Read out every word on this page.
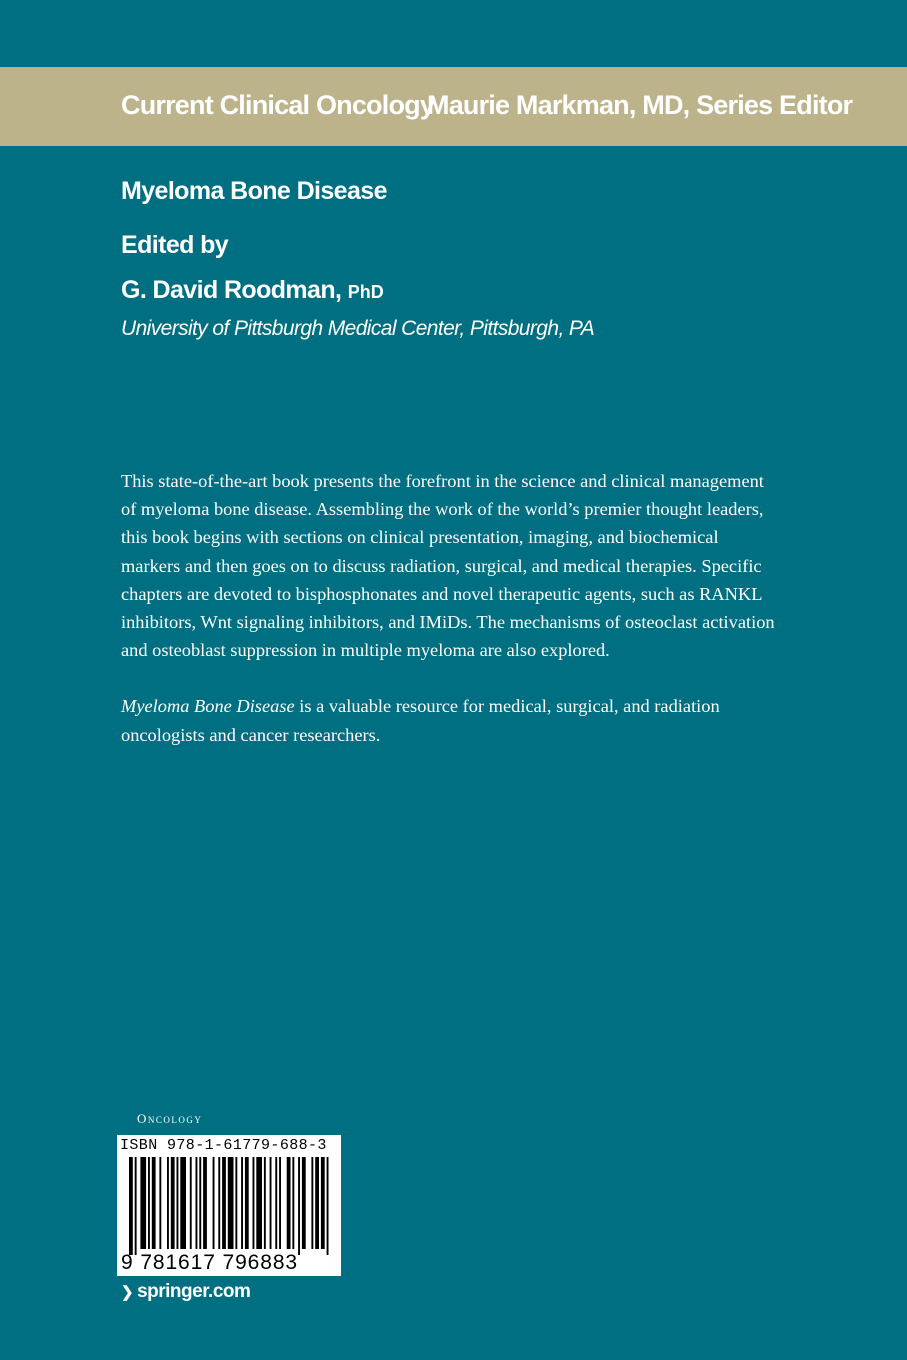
Current Clinical Oncology
Maurie Markman, MD, Series Editor
Myeloma Bone Disease
Edited by
G. David Roodman, PhD
University of Pittsburgh Medical Center, Pittsburgh, PA

This state-of-the-art book presents the forefront in the science and clinical management
of myeloma bone disease. Assembling the work of the world’s premier thought leaders,
this book begins with sections on clinical presentation, imaging, and biochemical
markers and then goes on to discuss radiation, surgical, and medical therapies. Specific
chapters are devoted to bisphosphonates and novel therapeutic agents, such as RANKL
inhibitors, Wnt signaling inhibitors, and IMiDs. The mechanisms of osteoclast activation
and osteoblast suppression in multiple myeloma are also explored.

Myeloma Bone Disease is a valuable resource for medical, surgical, and radiation
oncologists and cancer researchers.

Oncology
ISBN 978-1-61779-688-3
9 781617 796883
❯ springer.com
